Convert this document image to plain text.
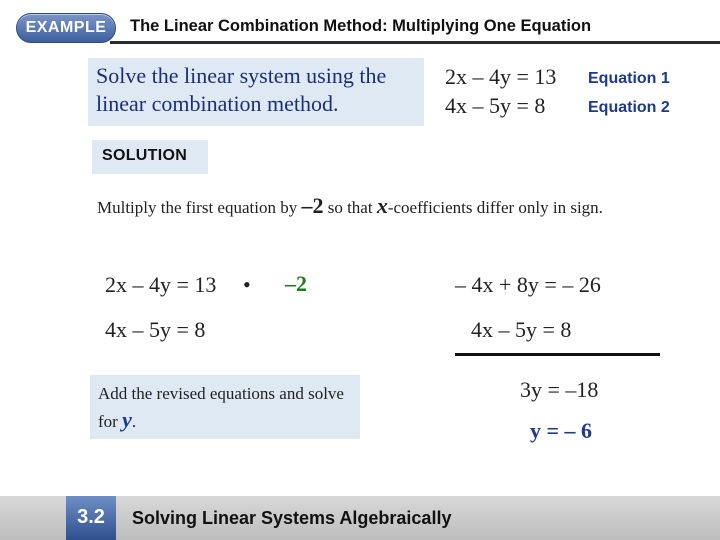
EXAMPLE	The Linear Combination Method: Multiplying One Equation
Solve the linear system using the linear combination method.
2x – 4y = 13 Equation 1
4x – 5y = 8	Equation 2
SOLUTION
Multiply the first equation by –2 so that x-coefficients differ only in sign.
2x – 4y = 13 • –2
4x – 5y = 8
– 4x + 8y = – 26
4x – 5y = 8
3y = –18
y = – 6
Add the revised equations and solve for y.
3.2	Solving Linear Systems Algebraically
